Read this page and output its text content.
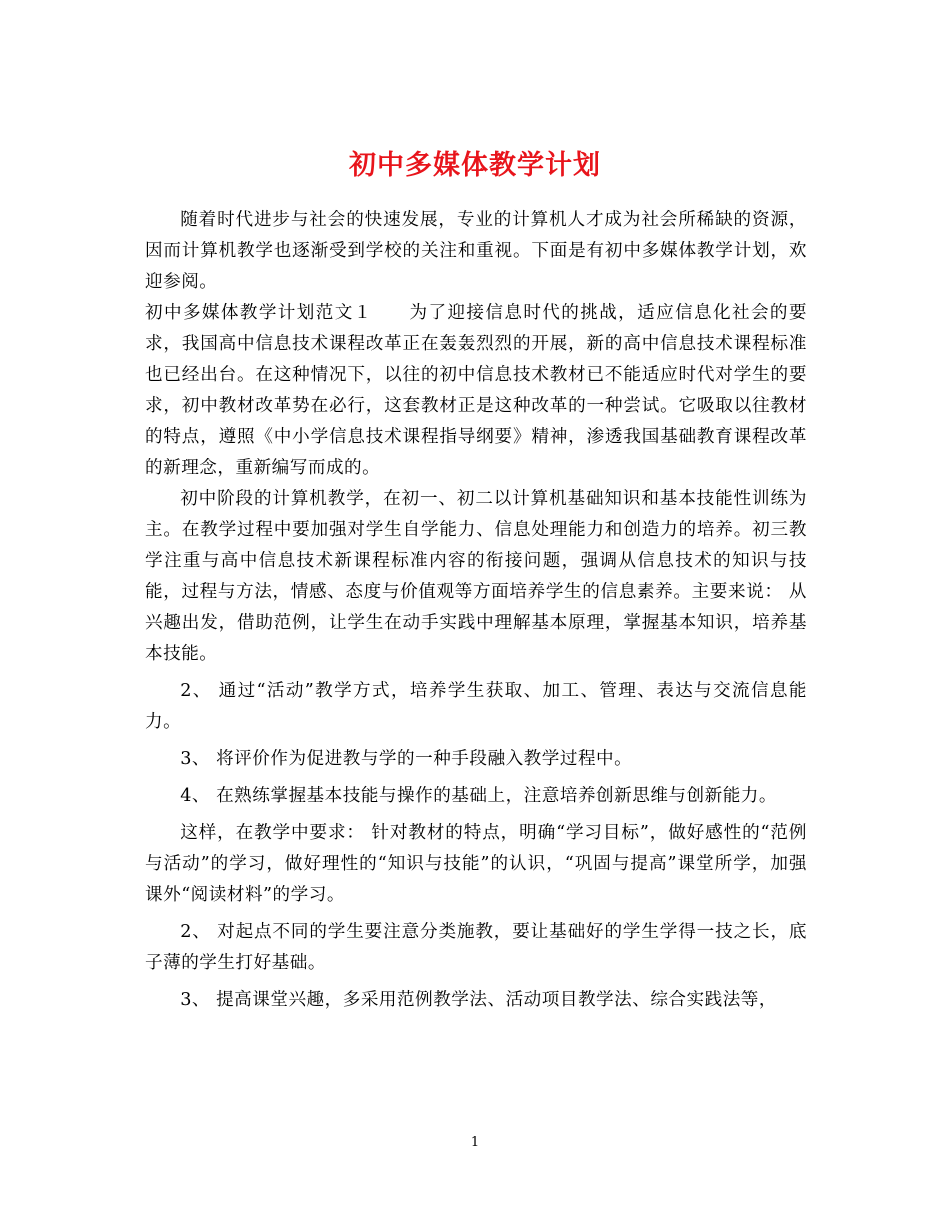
初中多媒体教学计划

随着时代进步与社会的快速发展，专业的计算机人才成为社会所稀缺的资源，因而计算机教学也逐渐受到学校的关注和重视。下面是有初中多媒体教学计划，欢迎参阅。

初中多媒体教学计划范文１ 为了迎接信息时代的挑战，适应信息化社会的要求，我国高中信息技术课程改革正在轰轰烈烈的开展，新的高中信息技术课程标准也已经出台。在这种情况下，以往的初中信息技术教材已不能适应时代对学生的要求，初中教材改革势在必行，这套教材正是这种改革的一种尝试。它吸取以往教材的特点，遵照《中小学信息技术课程指导纲要》精神，渗透我国基础教育课程改革的新理念，重新编写而成的。

初中阶段的计算机教学，在初一、初二以计算机基础知识和基本技能性训练为主。在教学过程中要加强对学生自学能力、信息处理能力和创造力的培养。初三教学注重与高中信息技术新课程标准内容的衔接问题，强调从信息技术的知识与技能，过程与方法，情感、态度与价值观等方面培养学生的信息素养。主要来说： 从兴趣出发，借助范例，让学生在动手实践中理解基本原理，掌握基本知识，培养基本技能。

2、 通过“活动”教学方式，培养学生获取、加工、管理、表达与交流信息能力。

3、 将评价作为促进教与学的一种手段融入教学过程中。

4、 在熟练掌握基本技能与操作的基础上，注意培养创新思维与创新能力。

这样，在教学中要求： 针对教材的特点，明确“学习目标”，做好感性的“范例与活动”的学习，做好理性的“知识与技能”的认识，“巩固与提高”课堂所学，加强课外“阅读材料”的学习。

2、 对起点不同的学生要注意分类施教，要让基础好的学生学得一技之长，底子薄的学生打好基础。

3、 提高课堂兴趣，多采用范例教学法、活动项目教学法、综合实践法等，

1
